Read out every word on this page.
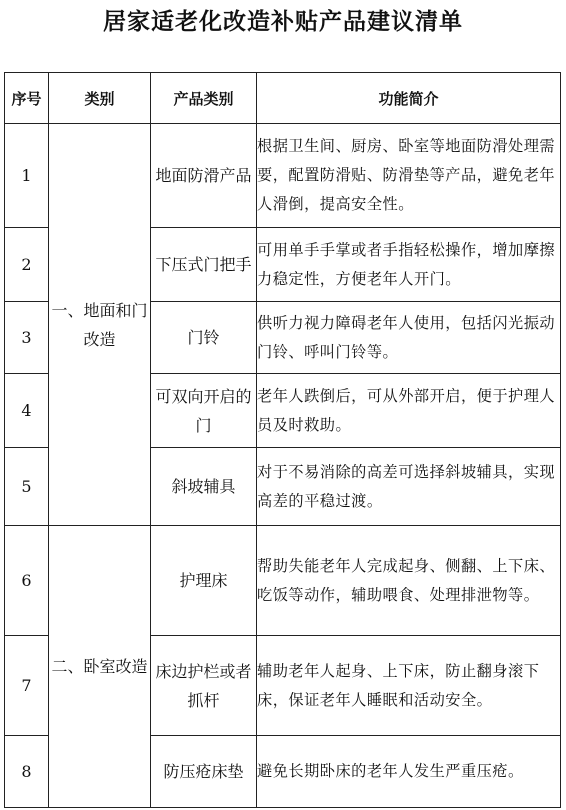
居家适老化改造补贴产品建议清单
序号	类别	产品类别	功能简介
1	一、地面和门改造	地面防滑产品	根据卫生间、厨房、卧室等地面防滑处理需要，配置防滑贴、防滑垫等产品，避免老年人滑倒，提高安全性。
2		下压式门把手	可用单手手掌或者手指轻松操作，增加摩擦力稳定性，方便老年人开门。
3		门铃	供听力视力障碍老年人使用，包括闪光振动门铃、呼叫门铃等。
4		可双向开启的门	老年人跌倒后，可从外部开启，便于护理人员及时救助。
5		斜坡辅具	对于不易消除的高差可选择斜坡辅具，实现高差的平稳过渡。
6	二、卧室改造	护理床	帮助失能老年人完成起身、侧翻、上下床、吃饭等动作，辅助喂食、处理排泄物等。
7		床边护栏或者抓杆	辅助老年人起身、上下床，防止翻身滚下床，保证老年人睡眠和活动安全。
8		防压疮床垫	避免长期卧床的老年人发生严重压疮。
